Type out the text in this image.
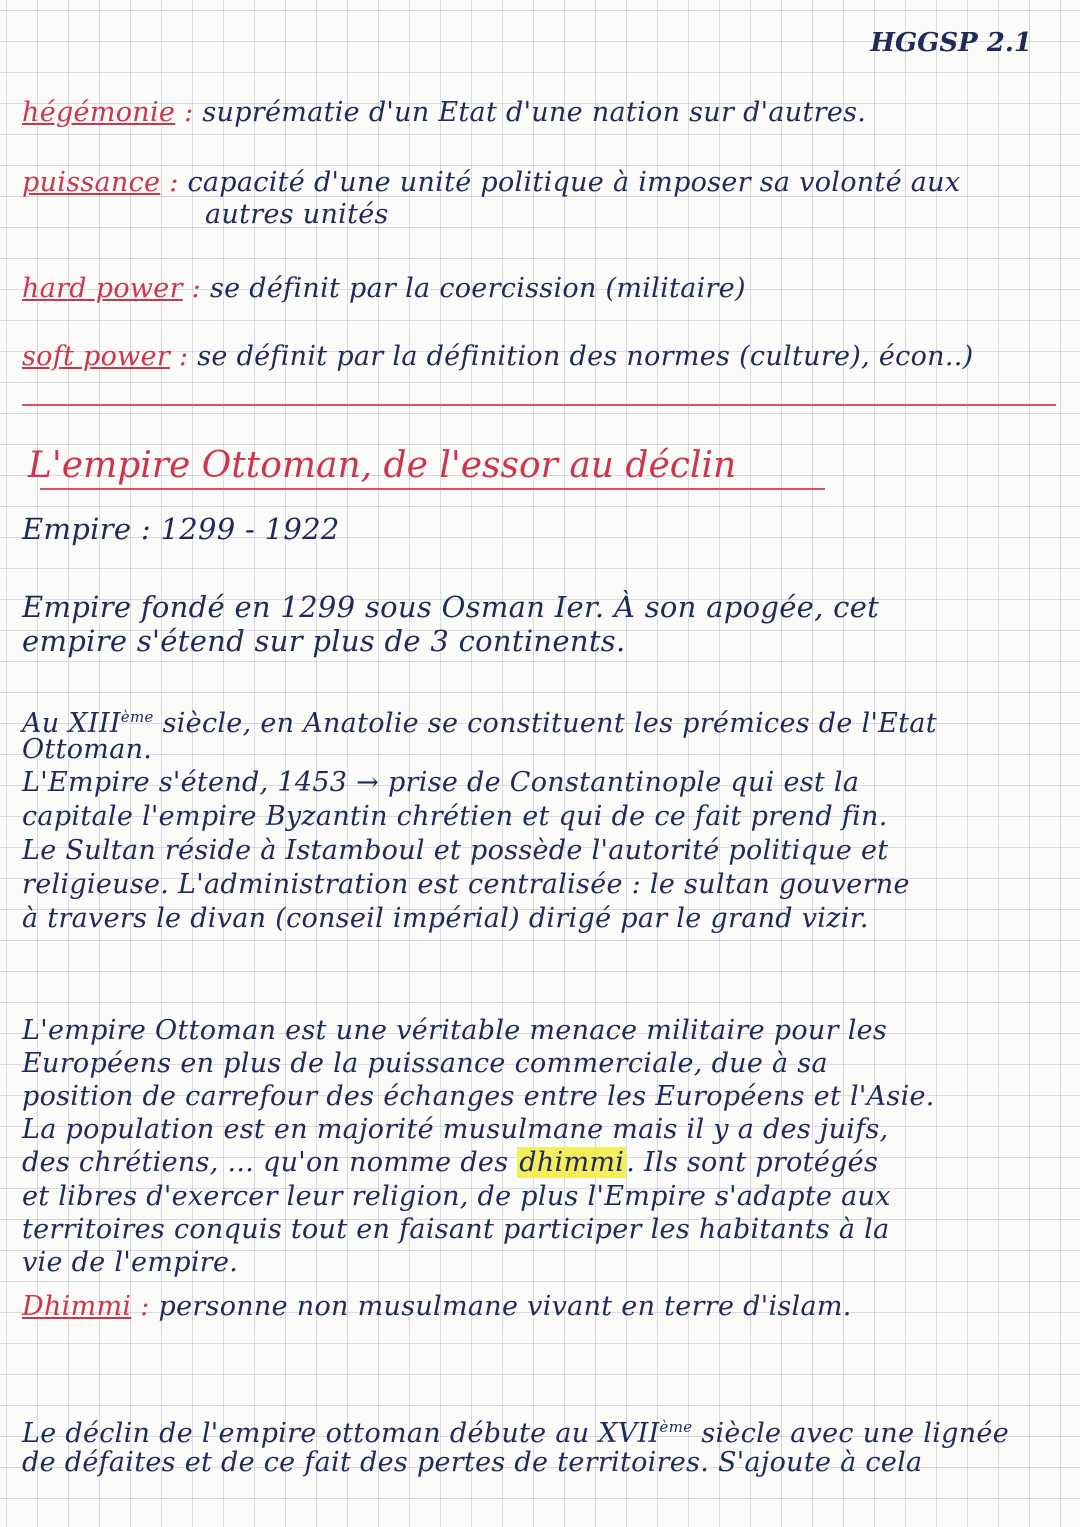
HGGSP 2.1
hégémonie : suprématie d'un Etat d'une nation sur d'autres.
puissance : capacité d'une unité politique à imposer sa volonté aux
autres unités
hard power : se définit par la coercission (militaire)
soft power : se définit par la définition des normes (culture), écon..)
L'empire Ottoman, de l'essor au déclin
Empire : 1299 - 1922
Empire fondé en 1299 sous Osman Ier. À son apogée, cet
empire s'étend sur plus de 3 continents.
Au XIIIème siècle, en Anatolie se constituent les prémices de l'Etat
Ottoman.
L'Empire s'étend, 1453 → prise de Constantinople qui est la
capitale l'empire Byzantin chrétien et qui de ce fait prend fin.
Le Sultan réside à Istamboul et possède l'autorité politique et
religieuse. L'administration est centralisée : le sultan gouverne
à travers le divan (conseil impérial) dirigé par le grand vizir.
L'empire Ottoman est une véritable menace militaire pour les
Européens en plus de la puissance commerciale, due à sa
position de carrefour des échanges entre les Européens et l'Asie.
La population est en majorité musulmane mais il y a des juifs,
des chrétiens, ... qu'on nomme des dhimmi. Ils sont protégés
et libres d'exercer leur religion, de plus l'Empire s'adapte aux
territoires conquis tout en faisant participer les habitants à la
vie de l'empire.
Dhimmi : personne non musulmane vivant en terre d'islam.
Le déclin de l'empire ottoman débute au XVIIème siècle avec une lignée
de défaites et de ce fait des pertes de territoires. S'ajoute à cela
